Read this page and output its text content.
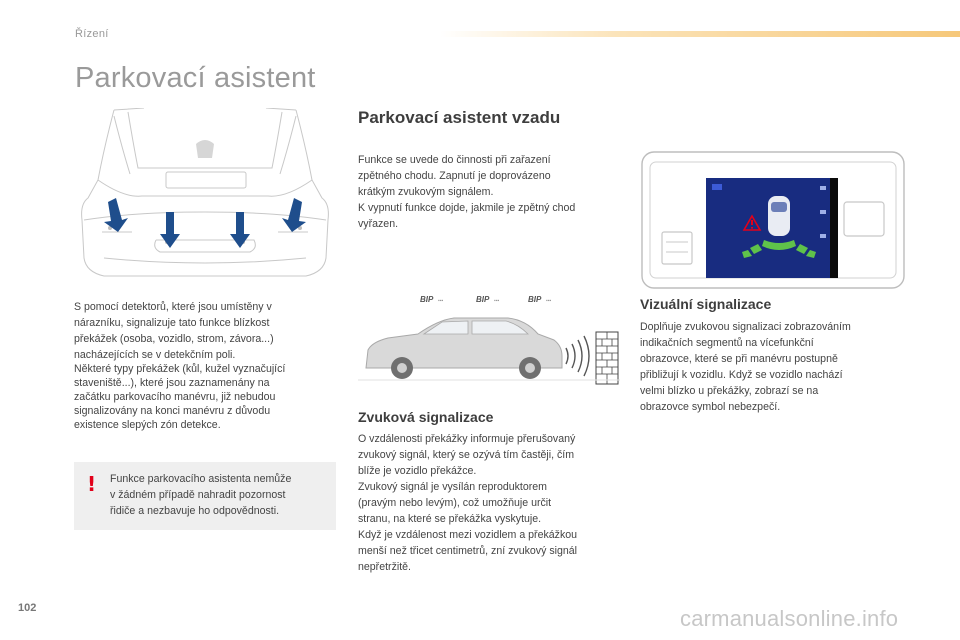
Řízení
Parkovací asistent
S pomocí detektorů, které jsou umístěny v
nárazníku, signalizuje tato funkce blízkost
překážek (osoba, vozidlo, strom, závora...)
nacházejících se v detekčním poli.
Některé typy překážek (kůl, kužel vyznačující
staveniště...), které jsou zaznamenány na
začátku parkovacího manévru, již nebudou
signalizovány na konci manévru z důvodu
existence slepých zón detekce.
! Funkce parkovacího asistenta nemůže
v žádném případě nahradit pozornost
řidiče a nezbavuje ho odpovědnosti.
Parkovací asistent vzadu
Funkce se uvede do činnosti při zařazení
zpětného chodu. Zapnutí je doprovázeno
krátkým zvukovým signálem.
K vypnutí funkce dojde, jakmile je zpětný chod
vyřazen.
BIP	BIP	BIP
▪▪▪	▪▪▪	▪▪▪
Zvuková signalizace
O vzdálenosti překážky informuje přerušovaný
zvukový signál, který se ozývá tím častěji, čím
blíže je vozidlo překážce.
Zvukový signál je vysílán reproduktorem
(pravým nebo levým), což umožňuje určit
stranu, na které se překážka vyskytuje.
Když je vzdálenost mezi vozidlem a překážkou
menší než třicet centimetrů, zní zvukový signál
nepřetržitě.
Vizuální signalizace
Doplňuje zvukovou signalizaci zobrazováním
indikačních segmentů na vícefunkční
obrazovce, které se při manévru postupně
přibližují k vozidlu. Když se vozidlo nachází
velmi blízko u překážky, zobrazí se na
obrazovce symbol nebezpečí.
102	carmanualsonline.info
